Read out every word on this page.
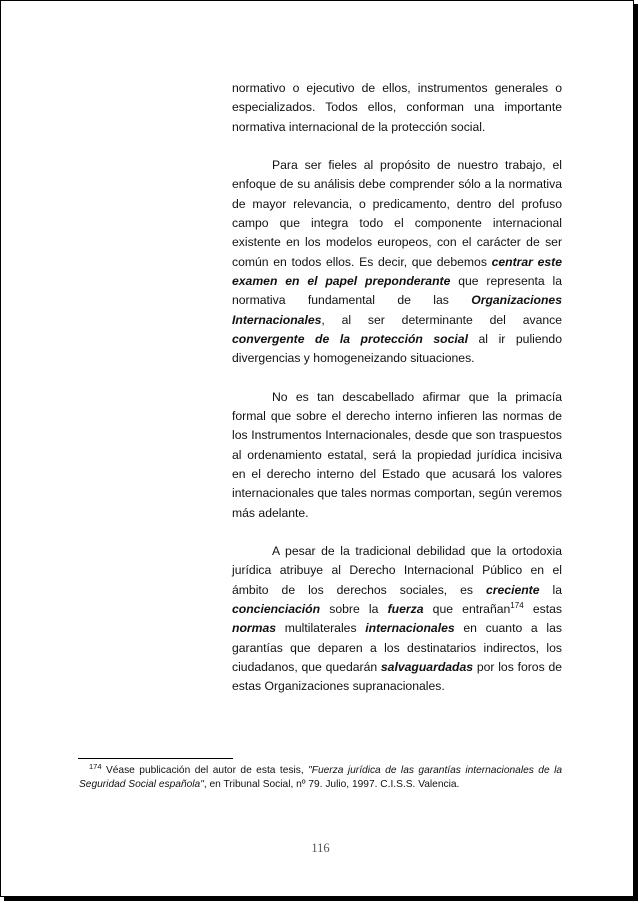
normativo o ejecutivo de ellos, instrumentos generales o especializados. Todos ellos, conforman una importante normativa internacional de la protección social.

Para ser fieles al propósito de nuestro trabajo, el enfoque de su análisis debe comprender sólo a la normativa de mayor relevancia, o predicamento, dentro del profuso campo que integra todo el componente internacional existente en los modelos europeos, con el carácter de ser común en todos ellos. Es decir, que debemos centrar este examen en el papel preponderante que representa la normativa fundamental de las Organizaciones Internacionales, al ser determinante del avance convergente de la protección social al ir puliendo divergencias y homogeneizando situaciones.

No es tan descabellado afirmar que la primacía formal que sobre el derecho interno infieren las normas de los Instrumentos Internacionales, desde que son traspuestos al ordenamiento estatal, será la propiedad jurídica incisiva en el derecho interno del Estado que acusará los valores internacionales que tales normas comportan, según veremos más adelante.

A pesar de la tradicional debilidad que la ortodoxia jurídica atribuye al Derecho Internacional Público en el ámbito de los derechos sociales, es creciente la concienciación sobre la fuerza que entrañan$^{174}$ estas normas multilaterales internacionales en cuanto a las garantías que deparen a los destinatarios indirectos, los ciudadanos, que quedarán salvaguardadas por los foros de estas Organizaciones supranacionales.

$^{174}$ Véase publicación del autor de esta tesis, "Fuerza jurídica de las garantías internacionales de la Seguridad Social española", en Tribunal Social, nº 79. Julio, 1997. C.I.S.S. Valencia.
116
